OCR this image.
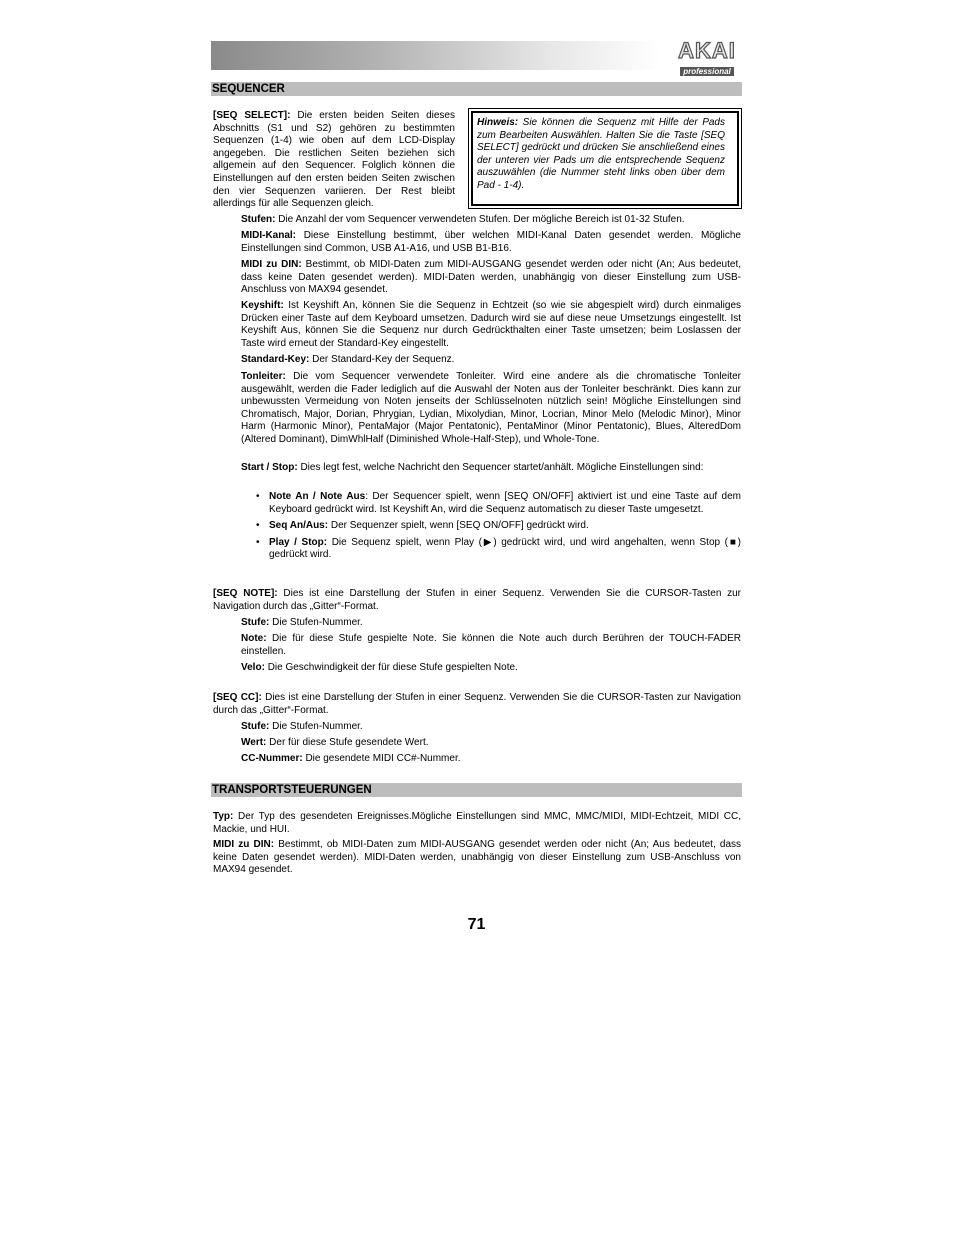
AKAI
professional
SEQUENCER
[SEQ SELECT]: Die ersten beiden Seiten dieses Abschnitts (S1 und S2) gehören zu bestimmten Sequenzen (1-4) wie oben auf dem LCD-Display angegeben. Die restlichen Seiten beziehen sich allgemein auf den Sequencer. Folglich können die Einstellungen auf den ersten beiden Seiten zwischen den vier Sequenzen variieren. Der Rest bleibt allerdings für alle Sequenzen gleich.
Hinweis: Sie können die Sequenz mit Hilfe der Pads zum Bearbeiten Auswählen. Halten Sie die Taste [SEQ SELECT] gedrückt und drücken Sie anschließend eines der unteren vier Pads um die entsprechende Sequenz auszuwählen (die Nummer steht links oben über dem Pad - 1-4).
Stufen: Die Anzahl der vom Sequencer verwendeten Stufen. Der mögliche Bereich ist 01-32 Stufen.
MIDI-Kanal: Diese Einstellung bestimmt, über welchen MIDI-Kanal Daten gesendet werden. Mögliche Einstellungen sind Common, USB A1-A16, und USB B1-B16.
MIDI zu DIN: Bestimmt, ob MIDI-Daten zum MIDI-AUSGANG gesendet werden oder nicht (An; Aus bedeutet, dass keine Daten gesendet werden). MIDI-Daten werden, unabhängig von dieser Einstellung zum USB-Anschluss von MAX94 gesendet.
Keyshift: Ist Keyshift An, können Sie die Sequenz in Echtzeit (so wie sie abgespielt wird) durch einmaliges Drücken einer Taste auf dem Keyboard umsetzen. Dadurch wird sie auf diese neue Umsetzungs eingestellt. Ist Keyshift Aus, können Sie die Sequenz nur durch Gedrückthalten einer Taste umsetzen; beim Loslassen der Taste wird erneut der Standard-Key eingestellt.
Standard-Key: Der Standard-Key der Sequenz.
Tonleiter: Die vom Sequencer verwendete Tonleiter. Wird eine andere als die chromatische Tonleiter ausgewählt, werden die Fader lediglich auf die Auswahl der Noten aus der Tonleiter beschränkt. Dies kann zur unbewussten Vermeidung von Noten jenseits der Schlüsselnoten nützlich sein! Mögliche Einstellungen sind Chromatisch, Major, Dorian, Phrygian, Lydian, Mixolydian, Minor, Locrian, Minor Melo (Melodic Minor), Minor Harm (Harmonic Minor), PentaMajor (Major Pentatonic), PentaMinor (Minor Pentatonic), Blues, AlteredDom (Altered Dominant), DimWhlHalf (Diminished Whole-Half-Step), und Whole-Tone.
Start / Stop: Dies legt fest, welche Nachricht den Sequencer startet/anhält. Mögliche Einstellungen sind:
• Note An / Note Aus: Der Sequencer spielt, wenn [SEQ ON/OFF] aktiviert ist und eine Taste auf dem Keyboard gedrückt wird. Ist Keyshift An, wird die Sequenz automatisch zu dieser Taste umgesetzt.
• Seq An/Aus: Der Sequenzer spielt, wenn [SEQ ON/OFF] gedrückt wird.
• Play / Stop: Die Sequenz spielt, wenn Play (▶) gedrückt wird, und wird angehalten, wenn Stop (■) gedrückt wird.
[SEQ NOTE]: Dies ist eine Darstellung der Stufen in einer Sequenz. Verwenden Sie die CURSOR-Tasten zur Navigation durch das „Gitter“-Format.
Stufe: Die Stufen-Nummer.
Note: Die für diese Stufe gespielte Note. Sie können die Note auch durch Berühren der TOUCH-FADER einstellen.
Velo: Die Geschwindigkeit der für diese Stufe gespielten Note.
[SEQ CC]: Dies ist eine Darstellung der Stufen in einer Sequenz. Verwenden Sie die CURSOR-Tasten zur Navigation durch das „Gitter“-Format.
Stufe: Die Stufen-Nummer.
Wert: Der für diese Stufe gesendete Wert.
CC-Nummer: Die gesendete MIDI CC#-Nummer.
TRANSPORTSTEUERUNGEN
Typ: Der Typ des gesendeten Ereignisses.Mögliche Einstellungen sind MMC, MMC/MIDI, MIDI-Echtzeit, MIDI CC, Mackie, und HUI.
MIDI zu DIN: Bestimmt, ob MIDI-Daten zum MIDI-AUSGANG gesendet werden oder nicht (An; Aus bedeutet, dass keine Daten gesendet werden). MIDI-Daten werden, unabhängig von dieser Einstellung zum USB-Anschluss von MAX94 gesendet.
71
